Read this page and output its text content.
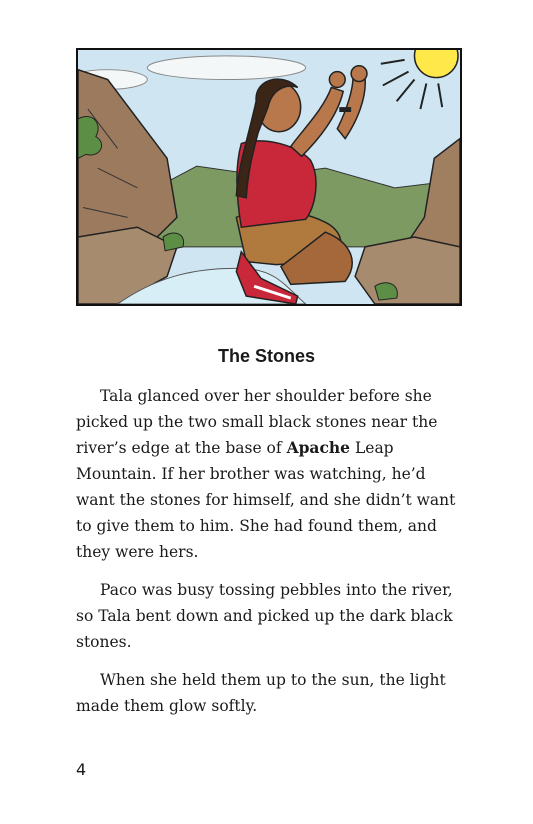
The Stones

Tala glanced over her shoulder before she picked up the two small black stones near the river’s edge at the base of Apache Leap Mountain. If her brother was watching, he’d want the stones for himself, and she didn’t want to give them to him. She had found them, and they were hers.

Paco was busy tossing pebbles into the river, so Tala bent down and picked up the dark black stones.

When she held them up to the sun, the light made them glow softly.

4
